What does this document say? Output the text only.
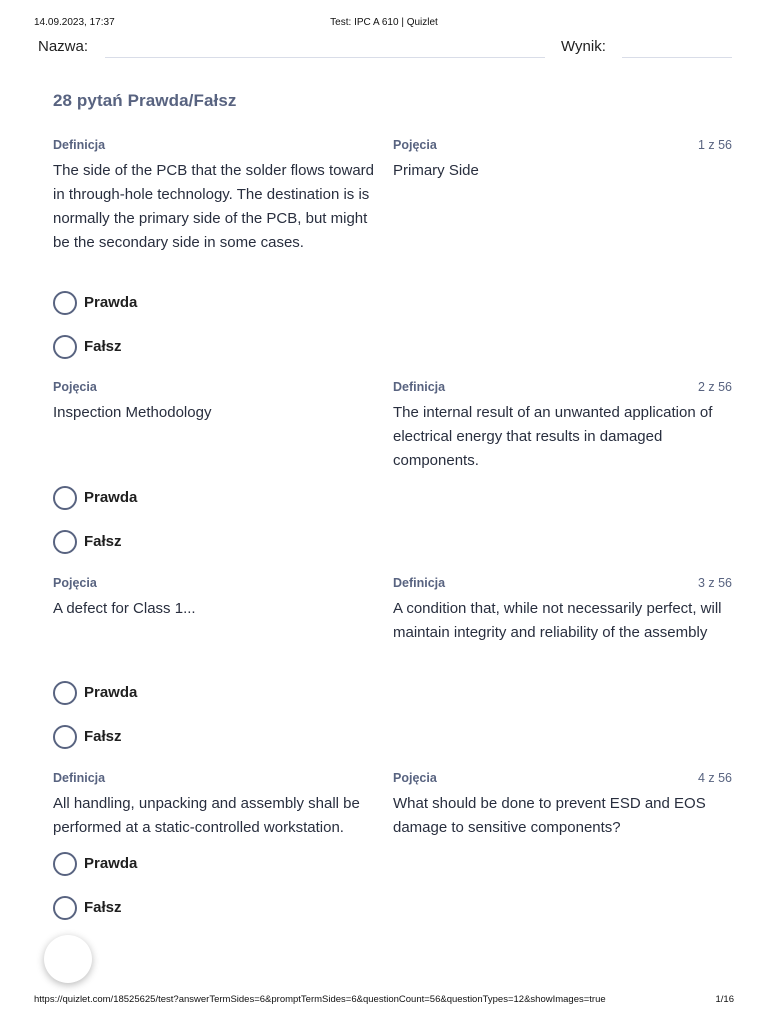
14.09.2023, 17:37	Test: IPC A 610 | Quizlet
Nazwa:	Wynik:
28 pytań Prawda/Fałsz
Definicja
The side of the PCB that the solder flows toward in through-hole technology. The destination is is normally the primary side of the PCB, but might be the secondary side in some cases.
Pojęcia
Primary Side
1 z 56
Prawda
Fałsz
Pojęcia
Inspection Methodology
Definicja
The internal result of an unwanted application of electrical energy that results in damaged components.
2 z 56
Prawda
Fałsz
Pojęcia
A defect for Class 1...
Definicja
A condition that, while not necessarily perfect, will maintain integrity and reliability of the assembly
3 z 56
Prawda
Fałsz
Definicja
All handling, unpacking and assembly shall be performed at a static-controlled workstation.
Pojęcia
What should be done to prevent ESD and EOS damage to sensitive components?
4 z 56
Prawda
Fałsz
https://quizlet.com/18525625/test?answerTermSides=6&promptTermSides=6&questionCount=56&questionTypes=12&showImages=true	1/16
